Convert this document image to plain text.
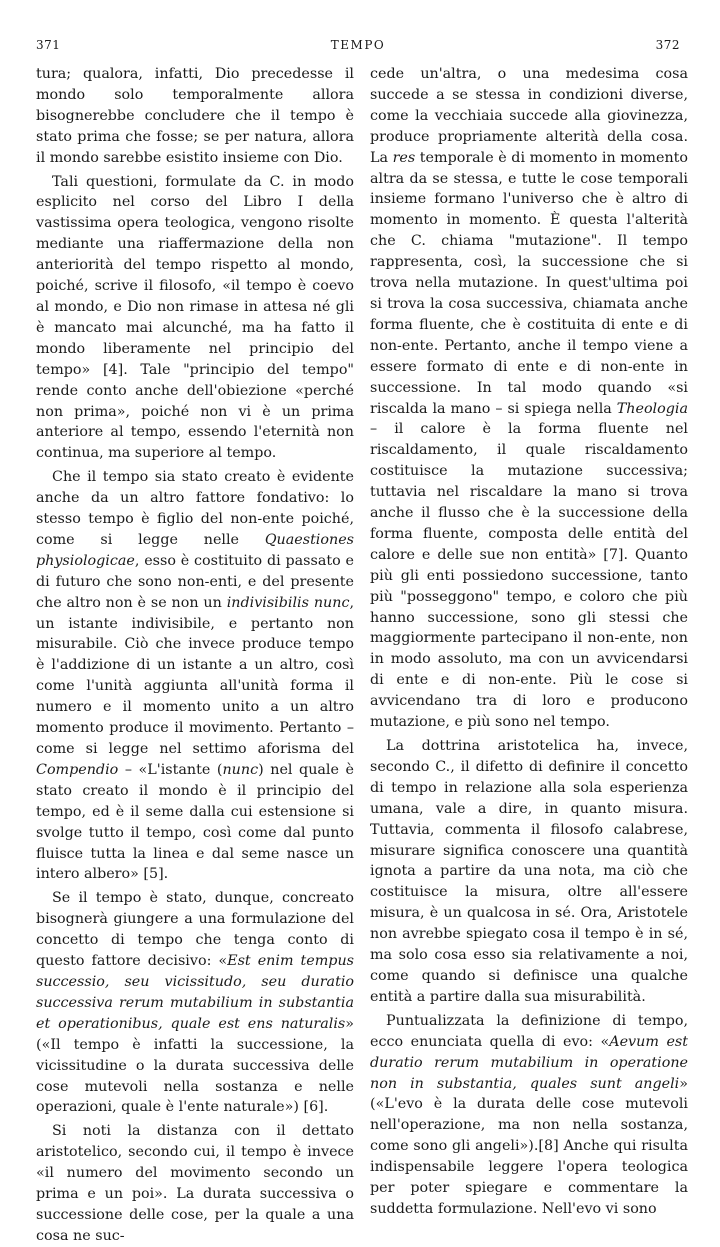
371	TEMPO	372

tura; qualora, infatti, Dio precedesse il mondo solo temporalmente allora bisognerebbe concludere che il tempo è stato prima che fosse; se per natura, allora il mondo sarebbe esistito insieme con Dio.

Tali questioni, formulate da C. in modo esplicito nel corso del Libro I della vastissima opera teologica, vengono risolte mediante una riaffermazione della non anteriorità del tempo rispetto al mondo, poiché, scrive il filosofo, «il tempo è coevo al mondo, e Dio non rimase in attesa né gli è mancato mai alcunché, ma ha fatto il mondo liberamente nel principio del tempo» [4]. Tale "principio del tempo" rende conto anche dell'obiezione «perché non prima», poiché non vi è un prima anteriore al tempo, essendo l'eternità non continua, ma superiore al tempo.

Che il tempo sia stato creato è evidente anche da un altro fattore fondativo: lo stesso tempo è figlio del non-ente poiché, come si legge nelle Quaestiones physiologicae, esso è costituito di passato e di futuro che sono non-enti, e del presente che altro non è se non un indivisibilis nunc, un istante indivisibile, e pertanto non misurabile. Ciò che invece produce tempo è l'addizione di un istante a un altro, così come l'unità aggiunta all'unità forma il numero e il momento unito a un altro momento produce il movimento. Pertanto – come si legge nel settimo aforisma del Compendio – «L'istante (nunc) nel quale è stato creato il mondo è il principio del tempo, ed è il seme dalla cui estensione si svolge tutto il tempo, così come dal punto fluisce tutta la linea e dal seme nasce un intero albero» [5].

Se il tempo è stato, dunque, concreato bisognerà giungere a una formulazione del concetto di tempo che tenga conto di questo fattore decisivo: «Est enim tempus successio, seu vicissitudo, seu duratio successiva rerum mutabilium in substantia et operationibus, quale est ens naturalis» («Il tempo è infatti la successione, la vicissitudine o la durata successiva delle cose mutevoli nella sostanza e nelle operazioni, quale è l'ente naturale») [6].

Si noti la distanza con il dettato aristotelico, secondo cui, il tempo è invece «il numero del movimento secondo un prima e un poi». La durata successiva o successione delle cose, per la quale a una cosa ne suc-

cede un'altra, o una medesima cosa succede a se stessa in condizioni diverse, come la vecchiaia succede alla giovinezza, produce propriamente alterità della cosa. La res temporale è di momento in momento altra da se stessa, e tutte le cose temporali insieme formano l'universo che è altro di momento in momento. È questa l'alterità che C. chiama "mutazione". Il tempo rappresenta, così, la successione che si trova nella mutazione. In quest'ultima poi si trova la cosa successiva, chiamata anche forma fluente, che è costituita di ente e di non-ente. Pertanto, anche il tempo viene a essere formato di ente e di non-ente in successione. In tal modo quando «si riscalda la mano – si spiega nella Theologia – il calore è la forma fluente nel riscaldamento, il quale riscaldamento costituisce la mutazione successiva; tuttavia nel riscaldare la mano si trova anche il flusso che è la successione della forma fluente, composta delle entità del calore e delle sue non entità» [7]. Quanto più gli enti possiedono successione, tanto più "posseggono" tempo, e coloro che più hanno successione, sono gli stessi che maggiormente partecipano il non-ente, non in modo assoluto, ma con un avvicendarsi di ente e di non-ente. Più le cose si avvicendano tra di loro e producono mutazione, e più sono nel tempo.

La dottrina aristotelica ha, invece, secondo C., il difetto di definire il concetto di tempo in relazione alla sola esperienza umana, vale a dire, in quanto misura. Tuttavia, commenta il filosofo calabrese, misurare significa conoscere una quantità ignota a partire da una nota, ma ciò che costituisce la misura, oltre all'essere misura, è un qualcosa in sé. Ora, Aristotele non avrebbe spiegato cosa il tempo è in sé, ma solo cosa esso sia relativamente a noi, come quando si definisce una qualche entità a partire dalla sua misurabilità.

Puntualizzata la definizione di tempo, ecco enunciata quella di evo: «Aevum est duratio rerum mutabilium in operatione non in substantia, quales sunt angeli» («L'evo è la durata delle cose mutevoli nell'operazione, ma non nella sostanza, come sono gli angeli»).[8] Anche qui risulta indispensabile leggere l'opera teologica per poter spiegare e commentare la suddetta formulazione. Nell'evo vi sono
